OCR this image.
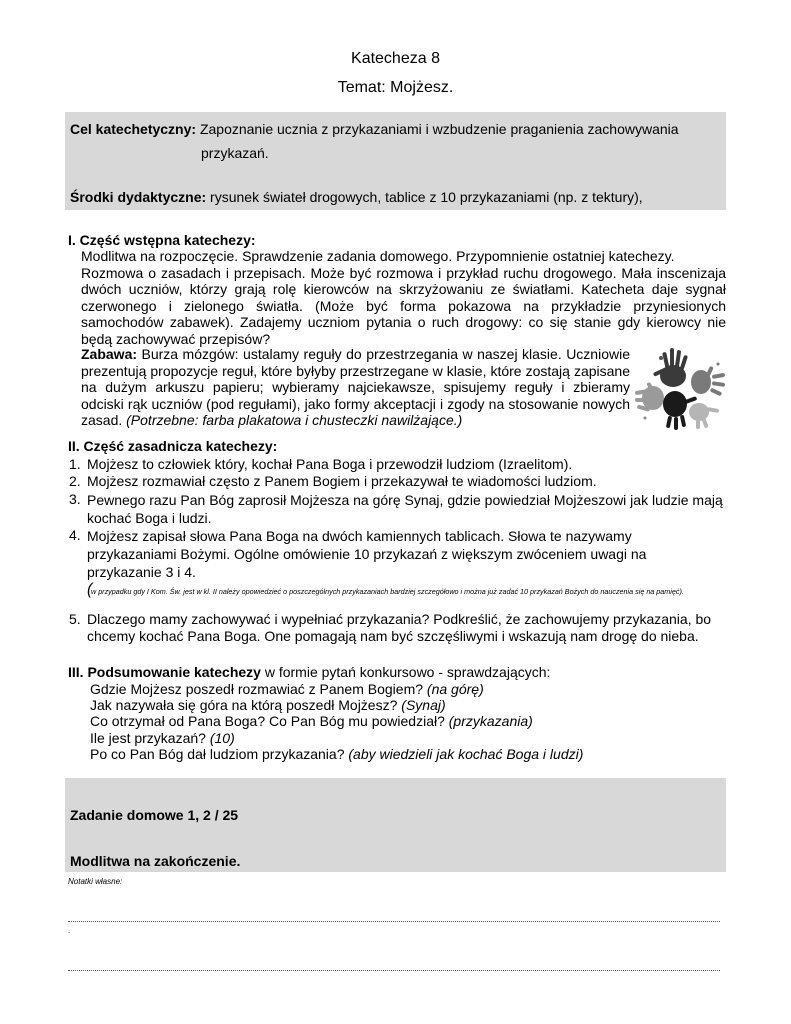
Katecheza 8
Temat: Mojżesz.
Cel katechetyczny: Zapoznanie ucznia z przykazaniami i wzbudzenie praganienia zachowywania
przykazań.
Środki dydaktyczne: rysunek świateł drogowych, tablice z 10 przykazaniami (np. z tektury),
I. Część wstępna katechezy:
Modlitwa na rozpoczęcie. Sprawdzenie zadania domowego. Przypomnienie ostatniej katechezy.
Rozmowa o zasadach i przepisach. Może być rozmowa i przykład ruchu drogowego. Mała inscenizaja dwóch uczniów, którzy grają rolę kierowców na skrzyżowaniu ze światłami. Katecheta daje sygnał czerwonego i zielonego światła. (Może być forma pokazowa na przykładzie przyniesionych samochodów zabawek). Zadajemy uczniom pytania o ruch drogowy: co się stanie gdy kierowcy nie będą zachowywać przepisów?
Zabawa: Burza mózgów: ustalamy reguły do przestrzegania w naszej klasie. Uczniowie prezentują propozycje reguł, które byłyby przestrzegane w klasie, które zostają zapisane na dużym arkuszu papieru; wybieramy najciekawsze, spisujemy reguły i zbieramy odciski rąk uczniów (pod regułami), jako formy akceptacji i zgody na stosowanie nowych zasad. (Potrzebne: farba plakatowa i chusteczki nawilżające.)
II. Część zasadnicza katechezy:
1. Mojżesz to człowiek który, kochał Pana Boga i przewodził ludziom (Izraelitom).
2. Mojżesz rozmawiał często z Panem Bogiem i przekazywał te wiadomości ludziom.
3. Pewnego razu Pan Bóg zaprosił Mojżesza na górę Synaj, gdzie powiedział Mojżeszowi jak ludzie mają kochać Boga i ludzi.
4. Mojżesz zapisał słowa Pana Boga na dwóch kamiennych tablicach. Słowa te nazywamy przykazaniami Bożymi. Ogólne omówienie 10 przykazań z większym zwóceniem uwagi na przykazanie 3 i 4.
(
w przypadku gdy I Kom. Św. jest w kl. II należy opowiedzieć o poszczególnych przykazaniach bardziej szczegółowo i można już zadać 10 przykazań Bożych do nauczenia się na pamięć).
5. Dlaczego mamy zachowywać i wypełniać przykazania? Podkreślić, że zachowujemy przykazania, bo chcemy kochać Pana Boga. One pomagają nam być szczęśliwymi i wskazują nam drogę do nieba.
III. Podsumowanie katechezy w formie pytań konkursowo - sprawdzających:
Gdzie Mojżesz poszedł rozmawiać z Panem Bogiem? (na górę)
Jak nazywała się góra na którą poszedł Mojżesz? (Synaj)
Co otrzymał od Pana Boga? Co Pan Bóg mu powiedział? (przykazania)
Ile jest przykazań? (10)
Po co Pan Bóg dał ludziom przykazania? (aby wiedzieli jak kochać Boga i ludzi)
Zadanie domowe 1, 2 / 25
Modlitwa na zakończenie.
Notatki własne:
.
